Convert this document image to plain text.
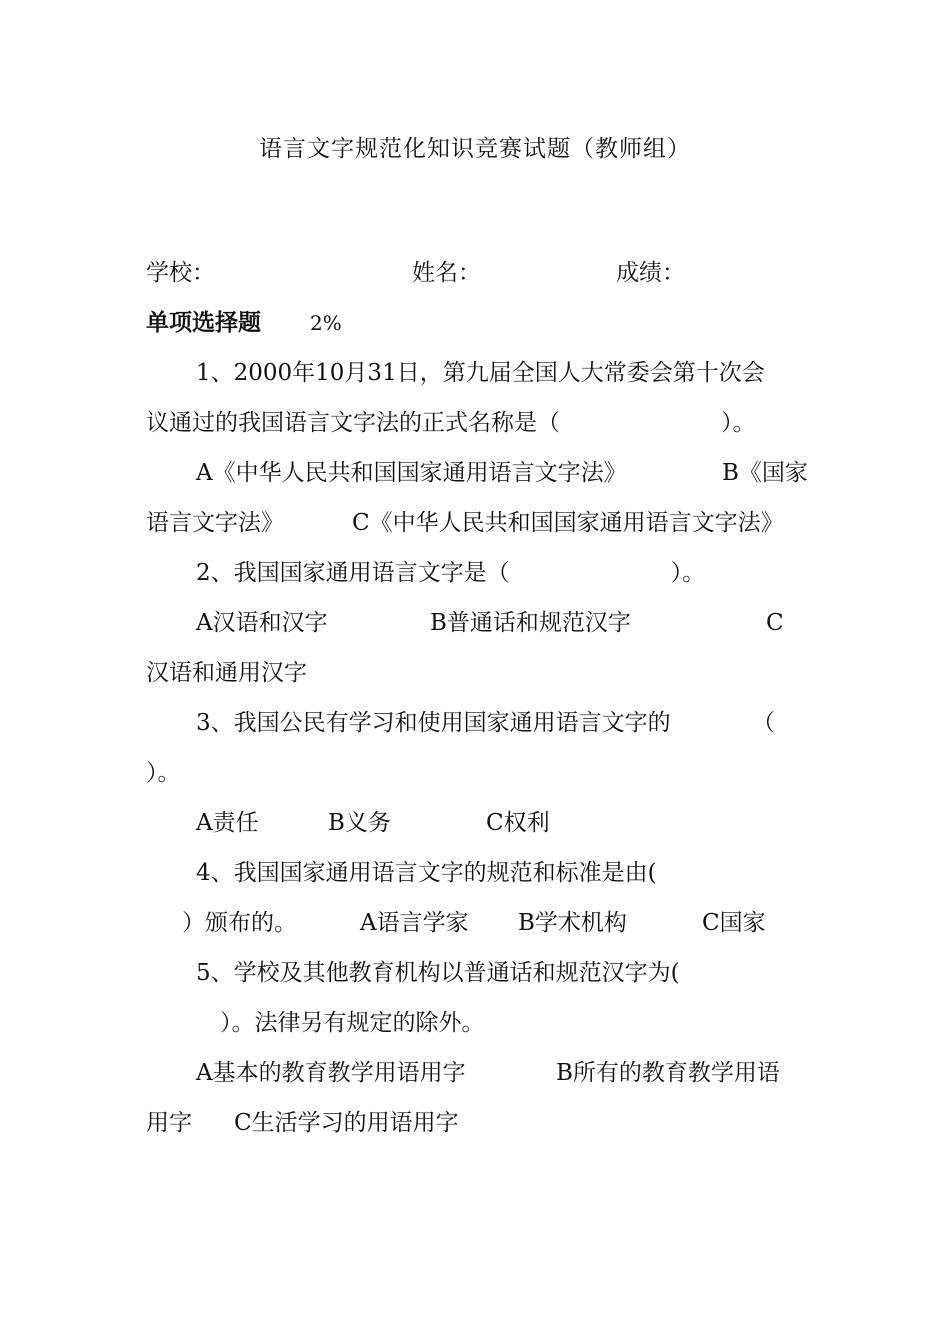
语言文字规范化知识竞赛试题（教师组）
学校：	姓名：	成绩：
单项选择题 2%
1、2000年10月31日，第九届全国人大常委会第十次会
议通过的我国语言文字法的正式名称是（　　　　　　　）。
A《中华人民共和国国家通用语言文字法》	B《国家
语言文字法》	C《中华人民共和国国家通用语言文字法》
2、我国国家通用语言文字是（　　　　　　　）。
A汉语和汉字	B普通话和规范汉字	C
汉语和通用汉字
3、我国公民有学习和使用国家通用语言文字的	（
）。
A责任	B义务	C权利
4、我国国家通用语言文字的规范和标准是由(
）颁布的。	A语言学家 B学术机构	C国家
5、学校及其他教育机构以普通话和规范汉字为(
）。法律另有规定的除外。
A基本的教育教学用语用字	B所有的教育教学用语
用字 C生活学习的用语用字
